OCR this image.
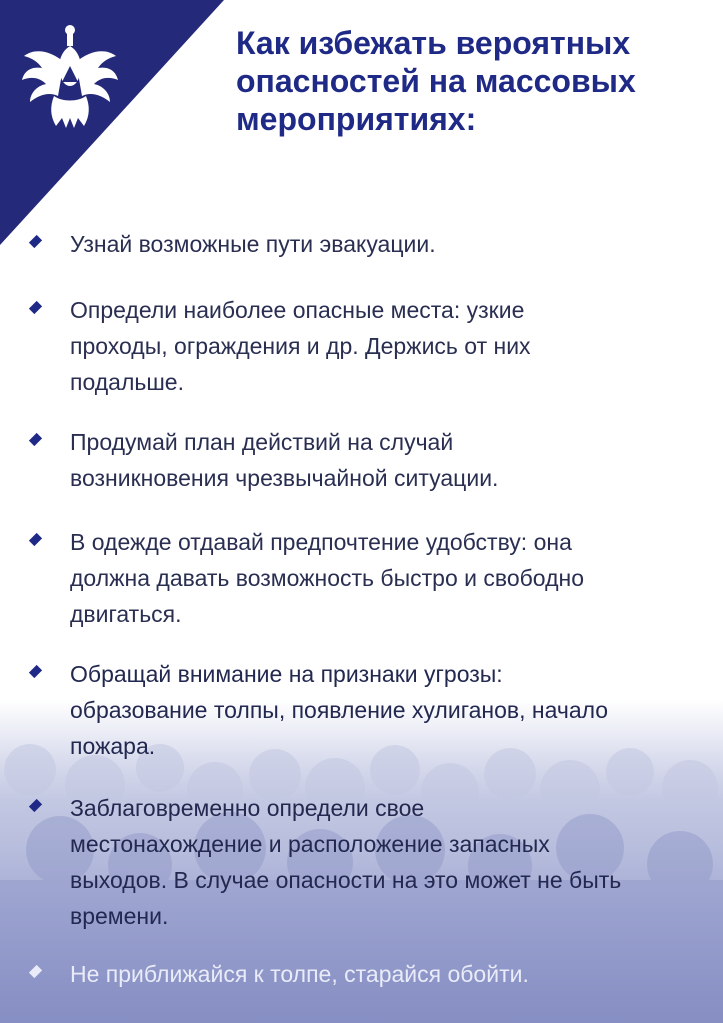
Как избежать вероятных
опасностей на массовых
мероприятиях:

Узнай возможные пути эвакуации.

Определи наиболее опасные места: узкие
проходы, ограждения и др. Держись от них
подальше.

Продумай план действий на случай
возникновения чрезвычайной ситуации.

В одежде отдавай предпочтение удобству: она
должна давать возможность быстро и свободно
двигаться.

Обращай внимание на признаки угрозы:
образование толпы, появление хулиганов, начало
пожара.

Заблаговременно определи свое
местонахождение и расположение запасных
выходов. В случае опасности на это может не быть
времени.

Не приближайся к толпе, старайся обойти.
